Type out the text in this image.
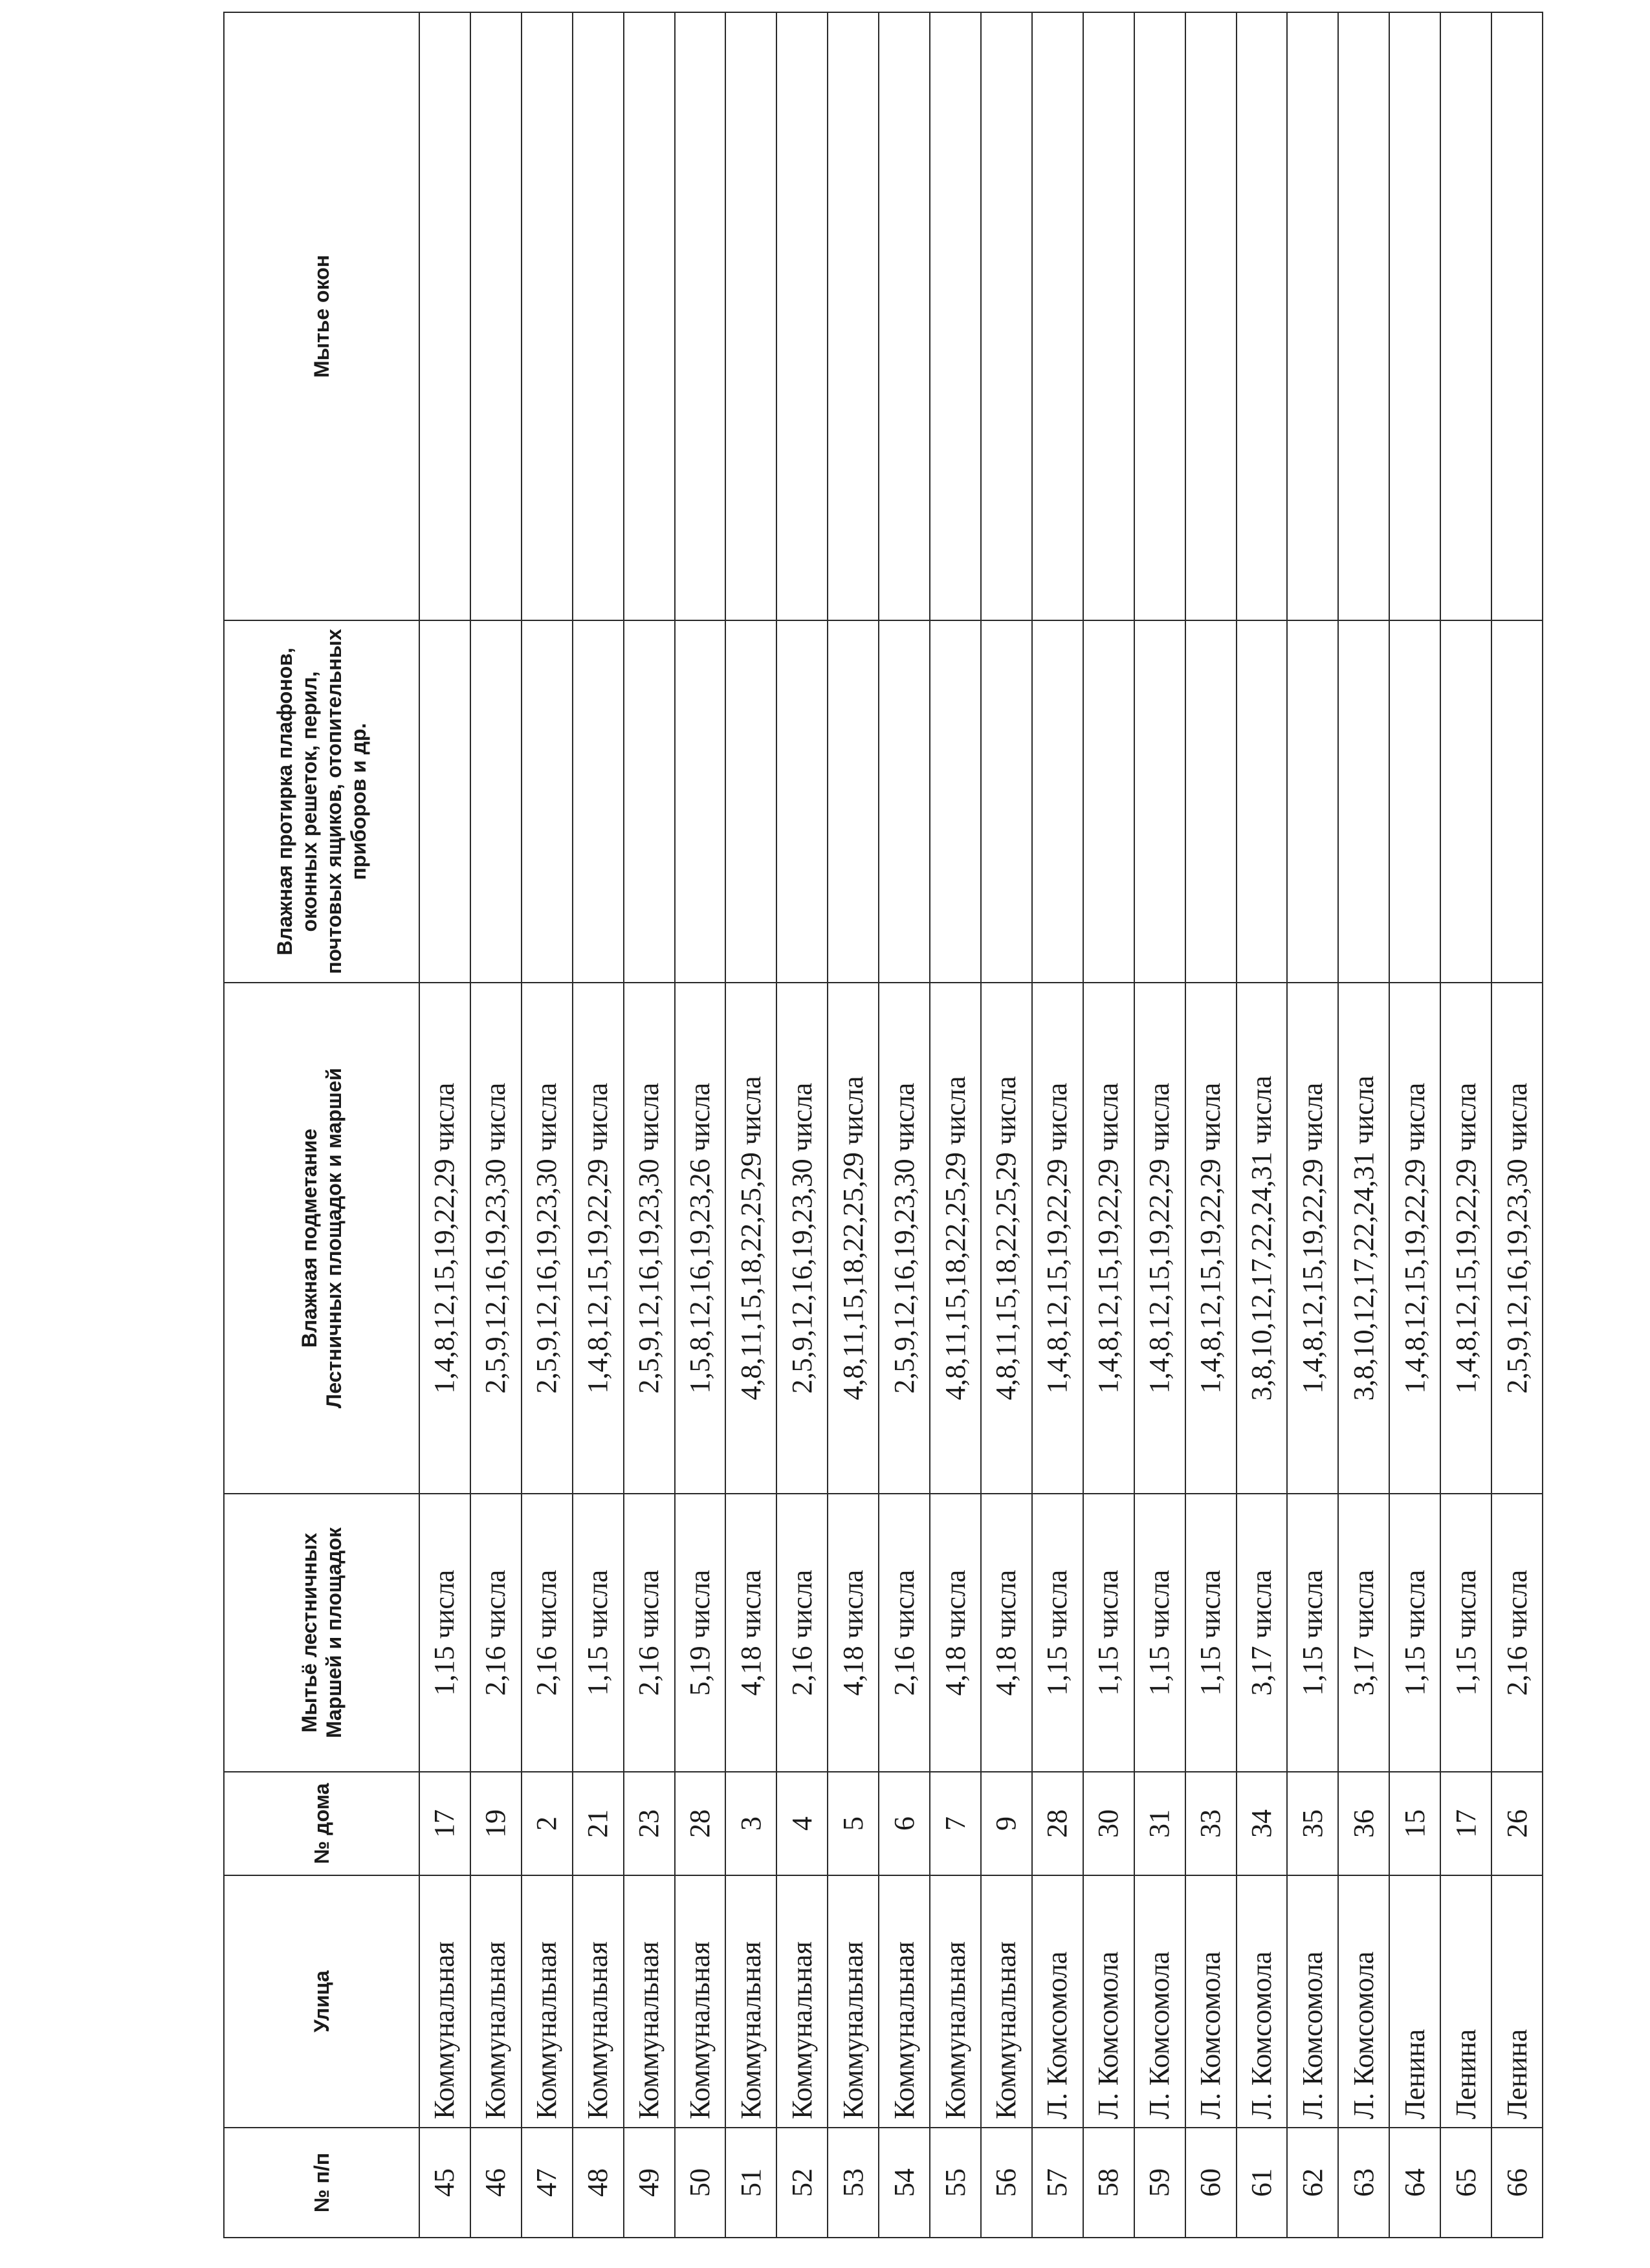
№ п/п	Улица	№ дома	Мытьё лестничных Маршей и площадок	Влажная подметание Лестничных площадок и маршей	Влажная протирка плафонов, оконных решеток, перил, почтовых ящиков, отопительных приборов и др.	Мытье окон
45	Коммунальная	17	1,15 числа	1,4,8,12,15,19,22,29 числа		
46	Коммунальная	19	2,16 числа	2,5,9,12,16,19,23,30 числа		
47	Коммунальная	2	2,16 числа	2,5,9,12,16,19,23,30 числа		
48	Коммунальная	21	1,15 числа	1,4,8,12,15,19,22,29 числа		
49	Коммунальная	23	2,16 числа	2,5,9,12,16,19,23,30 числа		
50	Коммунальная	28	5,19 числа	1,5,8,12,16,19,23,26 числа		
51	Коммунальная	3	4,18 числа	4,8,11,15,18,22,25,29 числа		
52	Коммунальная	4	2,16 числа	2,5,9,12,16,19,23,30 числа		
53	Коммунальная	5	4,18 числа	4,8,11,15,18,22,25,29 числа		
54	Коммунальная	6	2,16 числа	2,5,9,12,16,19,23,30 числа		
55	Коммунальная	7	4,18 числа	4,8,11,15,18,22,25,29 числа		
56	Коммунальная	9	4,18 числа	4,8,11,15,18,22,25,29 числа		
57	Л. Комсомола	28	1,15 числа	1,4,8,12,15,19,22,29 числа		
58	Л. Комсомола	30	1,15 числа	1,4,8,12,15,19,22,29 числа		
59	Л. Комсомола	31	1,15 числа	1,4,8,12,15,19,22,29 числа		
60	Л. Комсомола	33	1,15 числа	1,4,8,12,15,19,22,29 числа		
61	Л. Комсомола	34	3,17 числа	3,8,10,12,17,22,24,31 числа		
62	Л. Комсомола	35	1,15 числа	1,4,8,12,15,19,22,29 числа		
63	Л. Комсомола	36	3,17 числа	3,8,10,12,17,22,24,31 числа		
64	Ленина	15	1,15 числа	1,4,8,12,15,19,22,29 числа		
65	Ленина	17	1,15 числа	1,4,8,12,15,19,22,29 числа		
66	Ленина	26	2,16 числа	2,5,9,12,16,19,23,30 числа		
